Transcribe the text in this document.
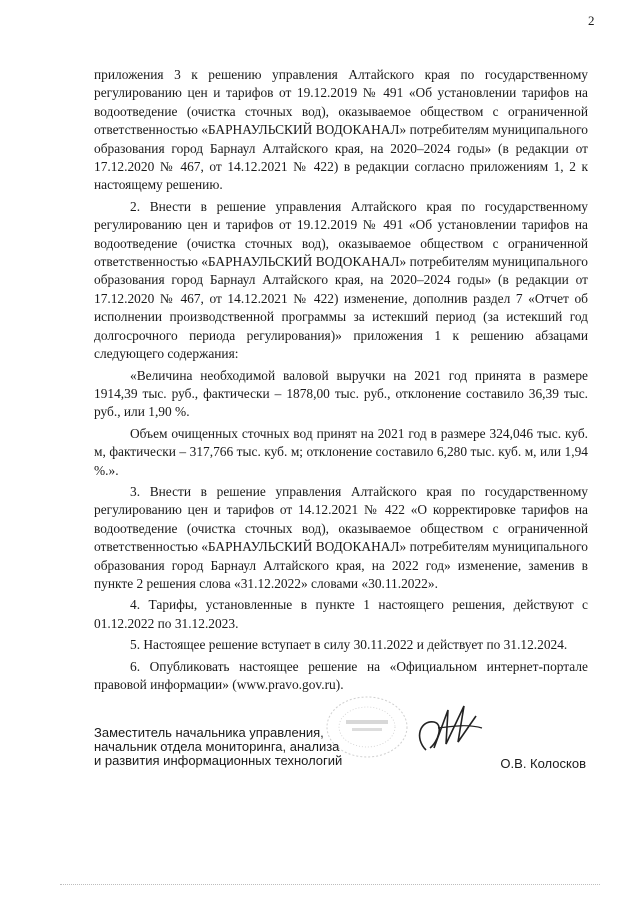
2

приложения 3 к решению управления Алтайского края по государственному регулированию цен и тарифов от 19.12.2019 № 491 «Об установлении тарифов на водоотведение (очистка сточных вод), оказываемое обществом с ограниченной ответственностью «БАРНАУЛЬСКИЙ ВОДОКАНАЛ» потребителям муниципального образования город Барнаул Алтайского края, на 2020–2024 годы» (в редакции от 17.12.2020 № 467, от 14.12.2021 № 422) в редакции согласно приложениям 1, 2 к настоящему решению.

2. Внести в решение управления Алтайского края по государственному регулированию цен и тарифов от 19.12.2019 № 491 «Об установлении тарифов на водоотведение (очистка сточных вод), оказываемое обществом с ограниченной ответственностью «БАРНАУЛЬСКИЙ ВОДОКАНАЛ» потребителям муниципального образования город Барнаул Алтайского края, на 2020–2024 годы» (в редакции от 17.12.2020 № 467, от 14.12.2021 № 422) изменение, дополнив раздел 7 «Отчет об исполнении производственной программы за истекший период (за истекший год долгосрочного периода регулирования)» приложения 1 к решению абзацами следующего содержания:

«Величина необходимой валовой выручки на 2021 год принята в размере 1914,39 тыс. руб., фактически – 1878,00 тыс. руб., отклонение составило 36,39 тыс. руб., или 1,90 %.

Объем очищенных сточных вод принят на 2021 год в размере 324,046 тыс. куб. м, фактически – 317,766 тыс. куб. м; отклонение составило 6,280 тыс. куб. м, или 1,94 %.».

3. Внести в решение управления Алтайского края по государственному регулированию цен и тарифов от 14.12.2021 № 422 «О корректировке тарифов на водоотведение (очистка сточных вод), оказываемое обществом с ограниченной ответственностью «БАРНАУЛЬСКИЙ ВОДОКАНАЛ» потребителям муниципального образования город Барнаул Алтайского края, на 2022 год» изменение, заменив в пункте 2 решения слова «31.12.2022» словами «30.11.2022».

4. Тарифы, установленные в пункте 1 настоящего решения, действуют с 01.12.2022 по 31.12.2023.

5. Настоящее решение вступает в силу 30.11.2022 и действует по 31.12.2024.

6. Опубликовать настоящее решение на «Официальном интернет-портале правовой информации» (www.pravo.gov.ru).

Заместитель начальника управления,
начальник отдела мониторинга, анализа
и развития информационных технологий	О.В. Колосков
